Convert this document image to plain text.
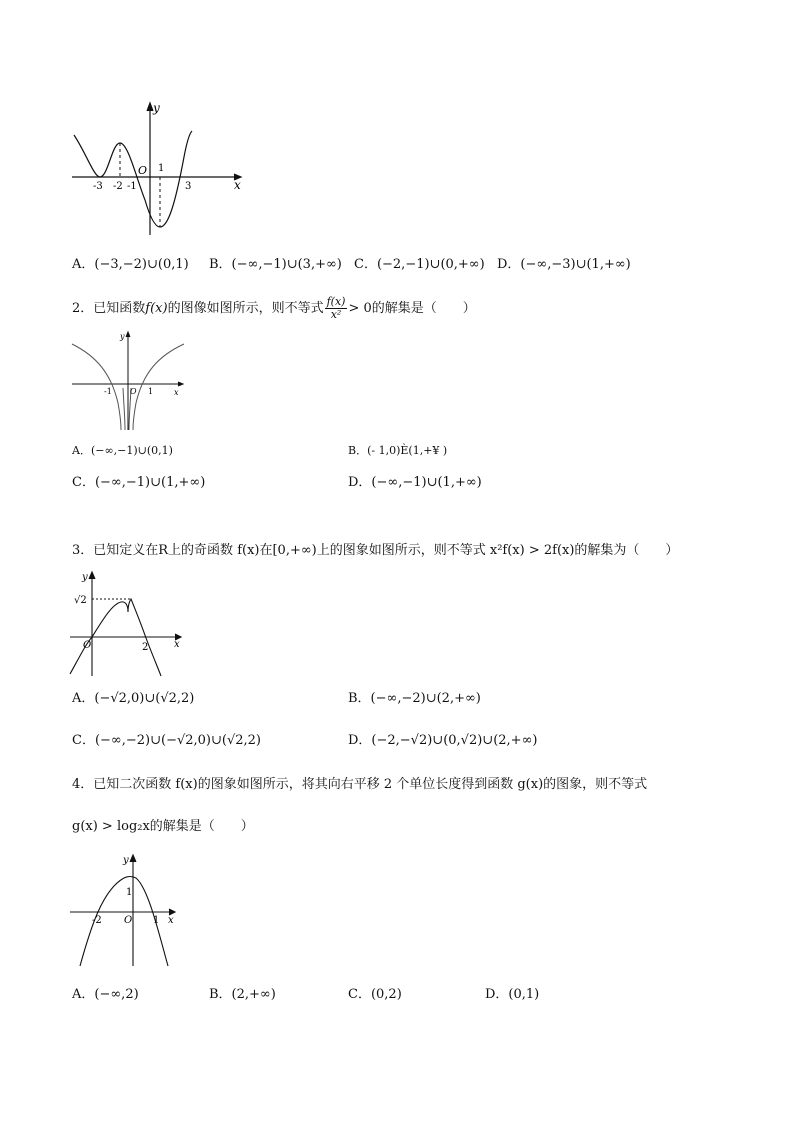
y
x
O
-3 -2 -1
1
3
A．(−3,−2)∪(0,1) B．(−∞,−1)∪(3,+∞) C．(−2,−1)∪(0,+∞) D．(−∞,−3)∪(1,+∞)
2．已知函数f(x)的图像如图所示，则不等式 $\frac{f(x)}{\text{x²}} > 0$的解集是（　　）
y
x
O
-1	1
A．(−∞,−1)∪(0,1)	B．(- 1,0)È(1,+¥ )
C．(−∞,−1)∪(1,+∞)	D．(−∞,−1)∪(1,+∞)
3．已知定义在R上的奇函数 f(x)在[0,+∞)上的图象如图所示，则不等式 x²f(x) > 2f(x)的解集为（　　）
y
x
O
√2
2
A．(−√2,0)∪(√2,2)	B．(−∞,−2)∪(2,+∞)
C．(−∞,−2)∪(−√2,0)∪(√2,2)	D．(−2,−√2)∪(0,√2)∪(2,+∞)
4．已知二次函数 f(x)的图象如图所示，将其向右平移 2 个单位长度得到函数 g(x)的图象，则不等式
g(x) > log₂x的解集是（　　）
y
x
O
-2	1
1
A．(−∞,2)	B．(2,+∞)	C．(0,2)	D．(0,1)
